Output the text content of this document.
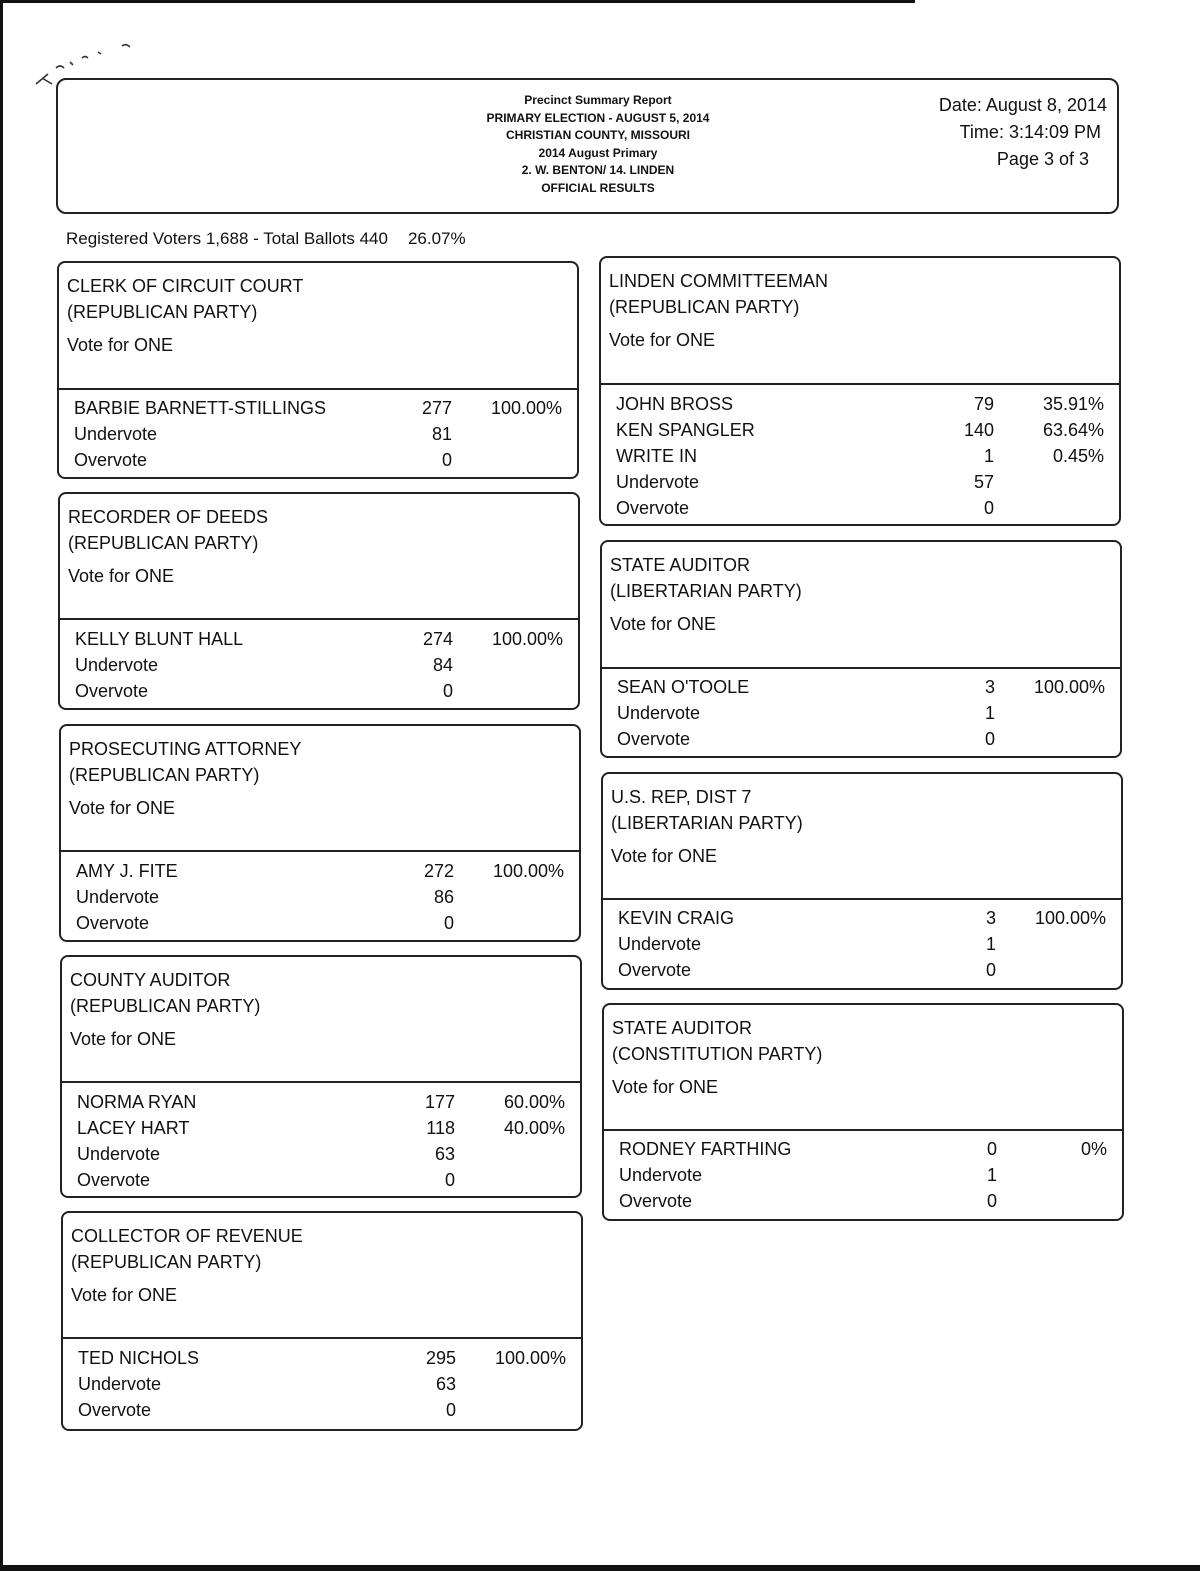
Precinct Summary Report
PRIMARY ELECTION - AUGUST 5, 2014
CHRISTIAN COUNTY, MISSOURI
2014 August Primary
2. W. BENTON/ 14. LINDEN
OFFICIAL RESULTS
Date: August 8, 2014
Time: 3:14:09 PM
Page 3 of 3
Registered Voters 1,688 - Total Ballots 440 26.07%
CLERK OF CIRCUIT COURT
(REPUBLICAN PARTY)
Vote for ONE
BARBIE BARNETT-STILLINGS	277 100.00%
Undervote	81
Overvote	0
RECORDER OF DEEDS
(REPUBLICAN PARTY)
Vote for ONE
KELLY BLUNT HALL	274 100.00%
Undervote	84
Overvote	0
PROSECUTING ATTORNEY
(REPUBLICAN PARTY)
Vote for ONE
AMY J. FITE	272 100.00%
Undervote	86
Overvote	0
COUNTY AUDITOR
(REPUBLICAN PARTY)
Vote for ONE
NORMA RYAN	177	60.00%
LACEY HART	118	40.00%
Undervote	63
Overvote	0
COLLECTOR OF REVENUE
(REPUBLICAN PARTY)
Vote for ONE
TED NICHOLS	295 100.00%
Undervote	63
Overvote	0
LINDEN COMMITTEEMAN
(REPUBLICAN PARTY)
Vote for ONE
JOHN BROSS	79	35.91%
KEN SPANGLER	140	63.64%
WRITE IN	1	0.45%
Undervote	57
Overvote	0
STATE AUDITOR
(LIBERTARIAN PARTY)
Vote for ONE
SEAN O'TOOLE	3 100.00%
Undervote	1
Overvote	0
U.S. REP, DIST 7
(LIBERTARIAN PARTY)
Vote for ONE
KEVIN CRAIG	3 100.00%
Undervote	1
Overvote	0
STATE AUDITOR
(CONSTITUTION PARTY)
Vote for ONE
RODNEY FARTHING	0	0%
Undervote	1
Overvote	0
